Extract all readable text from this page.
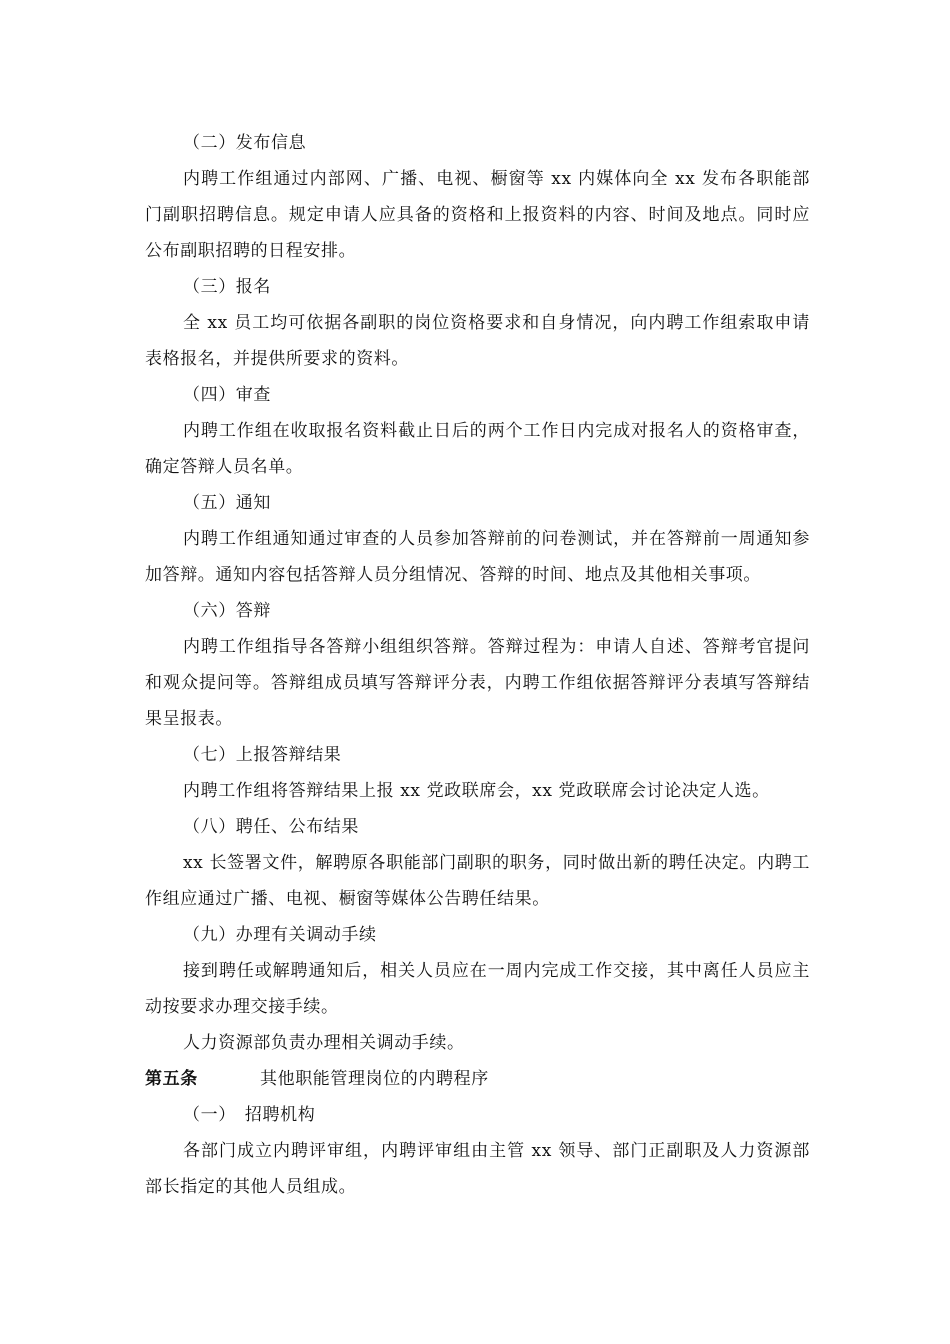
（二）发布信息

内聘工作组通过内部网、广播、电视、橱窗等 xx 内媒体向全 xx 发布各职能部门副职招聘信息。规定申请人应具备的资格和上报资料的内容、时间及地点。同时应公布副职招聘的日程安排。

（三）报名

全 xx 员工均可依据各副职的岗位资格要求和自身情况，向内聘工作组索取申请表格报名，并提供所要求的资料。

（四）审查

内聘工作组在收取报名资料截止日后的两个工作日内完成对报名人的资格审查，确定答辩人员名单。

（五）通知

内聘工作组通知通过审查的人员参加答辩前的问卷测试，并在答辩前一周通知参加答辩。通知内容包括答辩人员分组情况、答辩的时间、地点及其他相关事项。

（六）答辩

内聘工作组指导各答辩小组组织答辩。答辩过程为：申请人自述、答辩考官提问和观众提问等。答辩组成员填写答辩评分表，内聘工作组依据答辩评分表填写答辩结果呈报表。

（七）上报答辩结果

内聘工作组将答辩结果上报 xx 党政联席会，xx 党政联席会讨论决定人选。

（八）聘任、公布结果

xx 长签署文件，解聘原各职能部门副职的职务，同时做出新的聘任决定。内聘工作组应通过广播、电视、橱窗等媒体公告聘任结果。

（九）办理有关调动手续

接到聘任或解聘通知后，相关人员应在一周内完成工作交接，其中离任人员应主动按要求办理交接手续。

人力资源部负责办理相关调动手续。

第五条	其他职能管理岗位的内聘程序

（一）　招聘机构

各部门成立内聘评审组，内聘评审组由主管 xx 领导、部门正副职及人力资源部部长指定的其他人员组成。
